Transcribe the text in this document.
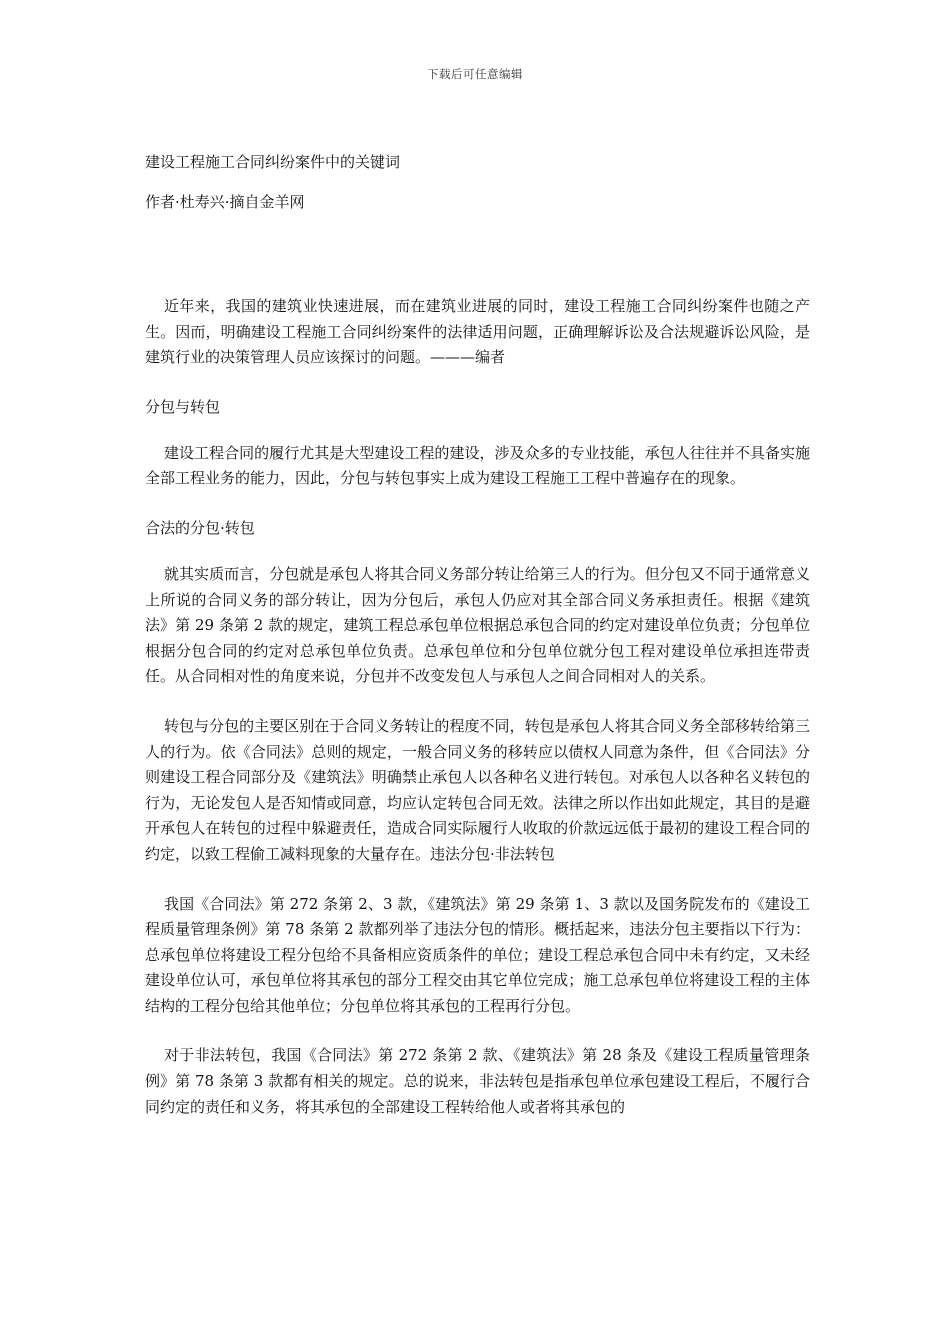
下载后可任意编辑

建设工程施工合同纠纷案件中的关键词

作者·杜寿兴·摘自金羊网

近年来，我国的建筑业快速进展，而在建筑业进展的同时，建设工程施工合同纠纷案件也随之产生。因而，明确建设工程施工合同纠纷案件的法律适用问题，正确理解诉讼及合法规避诉讼风险，是建筑行业的决策管理人员应该探讨的问题。———编者

分包与转包

建设工程合同的履行尤其是大型建设工程的建设，涉及众多的专业技能，承包人往往并不具备实施全部工程业务的能力，因此，分包与转包事实上成为建设工程施工工程中普遍存在的现象。

合法的分包·转包

就其实质而言，分包就是承包人将其合同义务部分转让给第三人的行为。但分包又不同于通常意义上所说的合同义务的部分转让，因为分包后，承包人仍应对其全部合同义务承担责任。根据《建筑法》第 29 条第 2 款的规定，建筑工程总承包单位根据总承包合同的约定对建设单位负责；分包单位根据分包合同的约定对总承包单位负责。总承包单位和分包单位就分包工程对建设单位承担连带责任。从合同相对性的角度来说，分包并不改变发包人与承包人之间合同相对人的关系。

转包与分包的主要区别在于合同义务转让的程度不同，转包是承包人将其合同义务全部移转给第三人的行为。依《合同法》总则的规定，一般合同义务的移转应以债权人同意为条件，但《合同法》分则建设工程合同部分及《建筑法》明确禁止承包人以各种名义进行转包。对承包人以各种名义转包的行为，无论发包人是否知情或同意，均应认定转包合同无效。法律之所以作出如此规定，其目的是避开承包人在转包的过程中躲避责任，造成合同实际履行人收取的价款远远低于最初的建设工程合同的约定，以致工程偷工减料现象的大量存在。违法分包·非法转包

我国《合同法》第 272 条第 2、3 款，《建筑法》第 29 条第 1、3 款以及国务院发布的《建设工程质量管理条例》第 78 条第 2 款都列举了违法分包的情形。概括起来，违法分包主要指以下行为：总承包单位将建设工程分包给不具备相应资质条件的单位；建设工程总承包合同中未有约定，又未经建设单位认可，承包单位将其承包的部分工程交由其它单位完成；施工总承包单位将建设工程的主体结构的工程分包给其他单位；分包单位将其承包的工程再行分包。

对于非法转包，我国《合同法》第 272 条第 2 款、《建筑法》第 28 条及《建设工程质量管理条例》第 78 条第 3 款都有相关的规定。总的说来，非法转包是指承包单位承包建设工程后，不履行合同约定的责任和义务，将其承包的全部建设工程转给他人或者将其承包的
